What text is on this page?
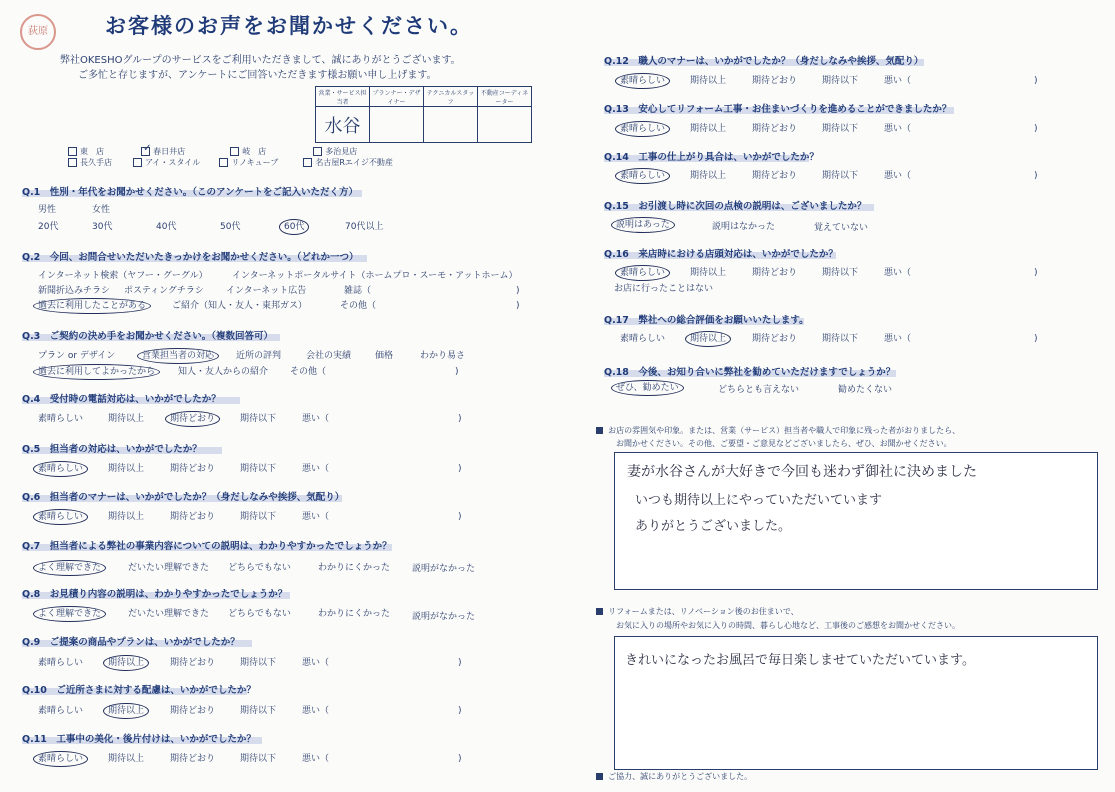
荻原	お客様のお声をお聞かせください。
弊社OKESHOグループのサービスをご利用いただきまして、誠にありがとうございます。
ご多忙と存じますが、アンケートにご回答いただきます様お願い申し上げます。
営業・サービス担当者	プランナー・デザイナー	テクニカルスタッフ	不動産コーディネーター
水谷			
東　店	✓ 春日井店	岐　店	多治見店
長久手店	アイ・スタイル	リノキューブ	名古屋Rエイジ不動産
Q.1　性別・年代をお聞かせください。（このアンケートをご記入いただく方）
男性	女性
20代	30代	40代	50代	60代	70代以上
Q.2　今回、お問合せいただいたきっかけをお聞かせください。（どれか一つ）
インターネット検索（ヤフー・グーグル）	インターネットポータルサイト（ホームプロ・スーモ・アットホーム）
新聞折込みチラシ ポスティングチラシ インターネット広告	雑誌（	)
過去に利用したことがある	ご紹介（知人・友人・東邦ガス）	その他（	)
Q.3　ご契約の決め手をお聞かせください。（複数回答可）
プラン or デザイン	営業担当者の対応 近所の評判	会社の実績	価格	わかり易さ
過去に利用してよかったから	知人・友人からの紹介 その他（	)
Q.4　受付時の電話対応は、いかがでしたか？
素晴らしい	期待以上	期待どおり	期待以下	悪い（	)
Q.5　担当者の対応は、いかがでしたか？
素晴らしい	期待以上	期待どおり	期待以下	悪い（	)
Q.6　担当者のマナーは、いかがでしたか？（身だしなみや挨拶、気配り）
素晴らしい	期待以上	期待どおり	期待以下	悪い（	)
Q.9　ご提案の商品やプランは、いかがでしたか？
素晴らしい	期待以上	期待どおり	期待以下	悪い（	)
Q.10　ご近所さまに対する配慮は、いかがでしたか？
素晴らしい	期待以上	期待どおり	期待以下	悪い（	)
Q.11　工事中の美化・後片付けは、いかがでしたか？
素晴らしい	期待以上	期待どおり	期待以下	悪い（	)
Q.12　職人のマナーは、いかがでしたか？（身だしなみや挨拶、気配り）
素晴らしい	期待以上	期待どおり	期待以下	悪い（	)
Q.13　安心してリフォーム工事・お住まいづくりを進めることができましたか？
素晴らしい	期待以上	期待どおり	期待以下	悪い（	)
Q.14　工事の仕上がり具合は、いかがでしたか？
素晴らしい	期待以上	期待どおり	期待以下	悪い（	)
Q.16　来店時における店頭対応は、いかがでしたか？
素晴らしい	期待以上	期待どおり	期待以下	悪い（	)
Q.17　弊社への総合評価をお願いいたします。
素晴らしい	期待以上	期待どおり	期待以下	悪い（	)
Q.7　担当者による弊社の事業内容についての説明は、わかりやすかったでしょうか？
よく理解できた	だいたい理解できた どちらでもない	わかりにくかった 説明がなかった
Q.8　お見積り内容の説明は、わかりやすかったでしょうか？
よく理解できた	だいたい理解できた どちらでもない	わかりにくかった 説明がなかった
Q.15　お引渡し時に次回の点検の説明は、ございましたか？
説明はあった	説明はなかった	覚えていない
お店に行ったことはない
Q.18　今後、お知り合いに弊社を勧めていただけますでしょうか？
ぜひ、勧めたい	どちらとも言えない	勧めたくない
お店の雰囲気や印象。または、営業（サービス）担当者や職人で印象に残った者がおりましたら、
お聞かせください。その他、ご要望・ご意見などございましたら、ぜひ、お聞かせください。
妻が水谷さんが大好きで今回も迷わず御社に決めました
いつも期待以上にやっていただいています
ありがとうございました。
リフォームまたは、リノベーション後のお住まいで、
お気に入りの場所やお気に入りの時間、暮らし心地など、工事後のご感想をお聞かせください。
きれいになったお風呂で毎日楽しませていただいています。
ご協力、誠にありがとうございました。
